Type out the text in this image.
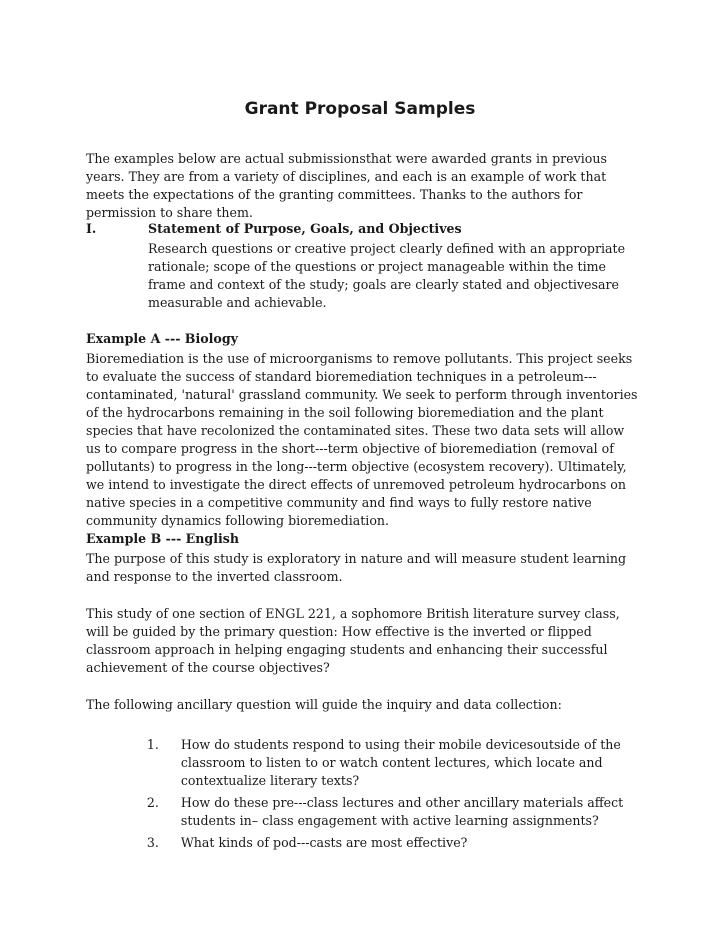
Grant Proposal Samples

The examples below are actual submissionsthat were awarded grants in previous years. They are from a variety of disciplines, and each is an example of work that meets the expectations of the granting committees. Thanks to the authors for permission to share them.

I.	Statement of Purpose, Goals, and Objectives

Research questions or creative project clearly defined with an appropriate rationale; scope of the questions or project manageable within the time frame and context of the study; goals are clearly stated and objectivesare measurable and achievable.

Example A --- Biology

Bioremediation is the use of microorganisms to remove pollutants. This project seeks to evaluate the success of standard bioremediation techniques in a petroleum---contaminated, 'natural' grassland community. We seek to perform through inventories of the hydrocarbons remaining in the soil following bioremediation and the plant species that have recolonized the contaminated sites. These two data sets will allow us to compare progress in the short---term objective of bioremediation (removal of pollutants) to progress in the long---term objective (ecosystem recovery). Ultimately, we intend to investigate the direct effects of unremoved petroleum hydrocarbons on native species in a competitive community and find ways to fully restore native community dynamics following bioremediation.

Example B --- English

The purpose of this study is exploratory in nature and will measure student learning and response to the inverted classroom.

This study of one section of ENGL 221, a sophomore British literature survey class, will be guided by the primary question: How effective is the inverted or flipped classroom approach in helping engaging students and enhancing their successful achievement of the course objectives?

The following ancillary question will guide the inquiry and data collection:

1. How do students respond to using their mobile devicesoutside of the classroom to listen to or watch content lectures, which locate and contextualize literary texts?
2. How do these pre---class lectures and other ancillary materials affect students in– class engagement with active learning assignments?
3. What kinds of pod---casts are most effective?
